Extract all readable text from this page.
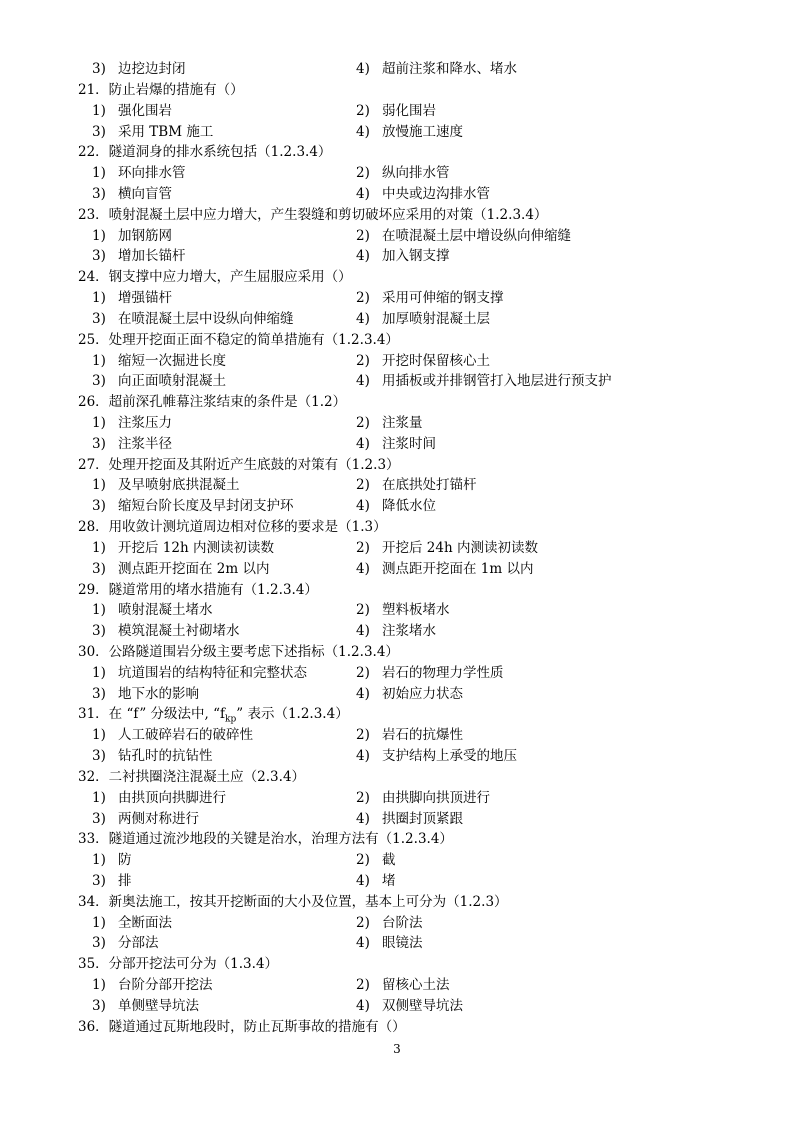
3) 边挖边封闭	4) 超前注浆和降水、堵水
21．防止岩爆的措施有（）
1) 强化围岩	2) 弱化围岩
3) 采用 TBM 施工	4) 放慢施工速度
22．隧道洞身的排水系统包括（1.2.3.4）
1) 环向排水管	2) 纵向排水管
3) 横向盲管	4) 中央或边沟排水管
23．喷射混凝土层中应力增大，产生裂缝和剪切破坏应采用的对策（1.2.3.4）
1) 加钢筋网	2) 在喷混凝土层中增设纵向伸缩缝
3) 增加长锚杆	4) 加入钢支撑
24．钢支撑中应力增大，产生屈服应采用（）
1) 增强锚杆	2) 采用可伸缩的钢支撑
3) 在喷混凝土层中设纵向伸缩缝	4) 加厚喷射混凝土层
25．处理开挖面正面不稳定的简单措施有（1.2.3.4）
1) 缩短一次掘进长度	2) 开挖时保留核心土
3) 向正面喷射混凝土	4) 用插板或并排钢管打入地层进行预支护
26．超前深孔帷幕注浆结束的条件是（1.2）
1) 注浆压力	2) 注浆量
3) 注浆半径	4) 注浆时间
27．处理开挖面及其附近产生底鼓的对策有（1.2.3）
1) 及早喷射底拱混凝土	2) 在底拱处打锚杆
3) 缩短台阶长度及早封闭支护环	4) 降低水位
28．用收敛计测坑道周边相对位移的要求是（1.3）
1) 开挖后 12h 内测读初读数	2) 开挖后 24h 内测读初读数
3) 测点距开挖面在 2m 以内	4) 测点距开挖面在 1m 以内
29．隧道常用的堵水措施有（1.2.3.4）
1) 喷射混凝土堵水	2) 塑料板堵水
3) 模筑混凝土衬砌堵水	4) 注浆堵水
30．公路隧道围岩分级主要考虑下述指标（1.2.3.4）
1) 坑道围岩的结构特征和完整状态	2) 岩石的物理力学性质
3) 地下水的影响	4) 初始应力状态
31．在 “f” 分级法中, “$f_{kp}$” 表示（1.2.3.4）
1) 人工破碎岩石的破碎性	2) 岩石的抗爆性
3) 钻孔时的抗钻性	4) 支护结构上承受的地压
32．二衬拱圈浇注混凝土应（2.3.4）
1) 由拱顶向拱脚进行	2) 由拱脚向拱顶进行
3) 两侧对称进行	4) 拱圈封顶紧跟
33．隧道通过流沙地段的关键是治水，治理方法有（1.2.3.4）
1) 防	2) 截
3) 排	4) 堵
34．新奥法施工，按其开挖断面的大小及位置，基本上可分为（1.2.3）
1) 全断面法	2) 台阶法
3) 分部法	4) 眼镜法
35．分部开挖法可分为（1.3.4）
1) 台阶分部开挖法	2) 留核心土法
3) 单侧壁导坑法	4) 双侧壁导坑法
36．隧道通过瓦斯地段时，防止瓦斯事故的措施有（）
3
